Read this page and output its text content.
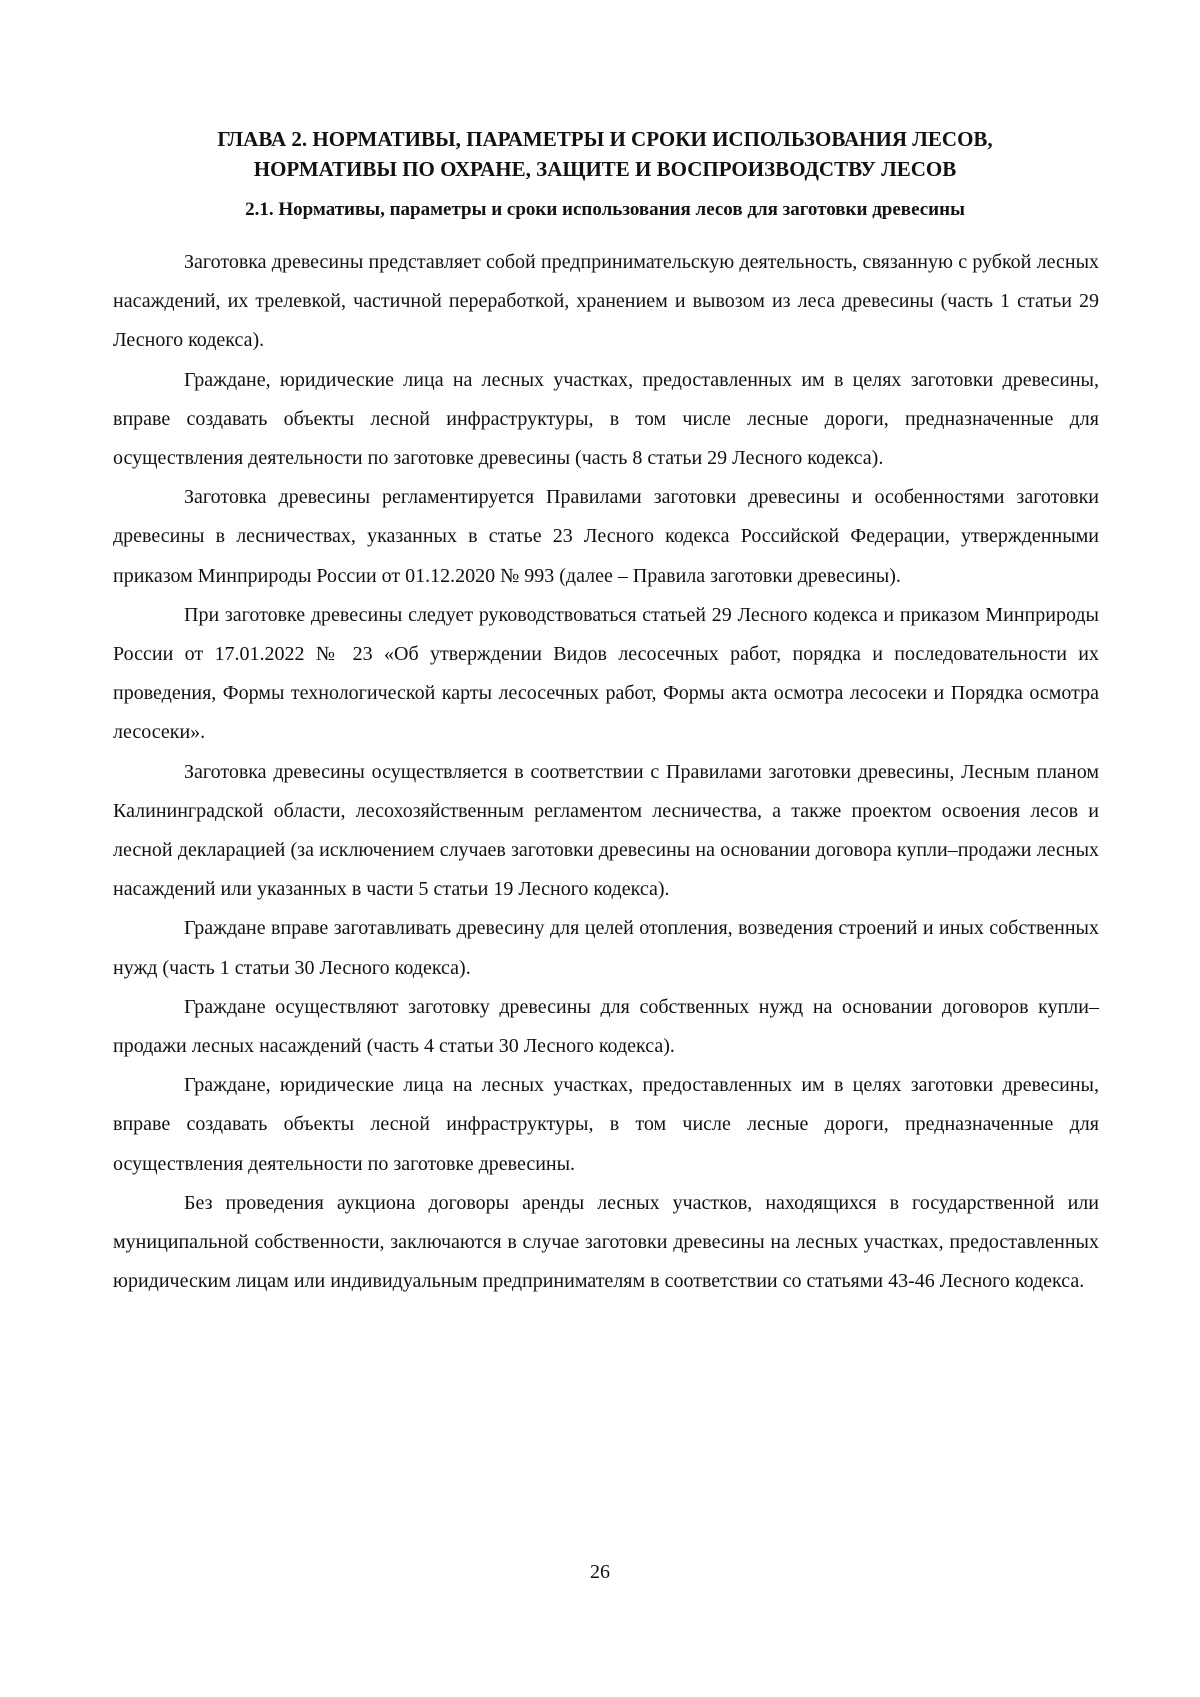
ГЛАВА 2. НОРМАТИВЫ, ПАРАМЕТРЫ И СРОКИ ИСПОЛЬЗОВАНИЯ ЛЕСОВ,
НОРМАТИВЫ ПО ОХРАНЕ, ЗАЩИТЕ И ВОСПРОИЗВОДСТВУ ЛЕСОВ
2.1. Нормативы, параметры и сроки использования лесов для заготовки древесины

Заготовка древесины представляет собой предпринимательскую деятельность, связанную с рубкой лесных насаждений, их трелевкой, частичной переработкой, хранением и вывозом из леса древесины (часть 1 статьи 29 Лесного кодекса).

Граждане, юридические лица на лесных участках, предоставленных им в целях заготовки древесины, вправе создавать объекты лесной инфраструктуры, в том числе лесные дороги, предназначенные для осуществления деятельности по заготовке древесины (часть 8 статьи 29 Лесного кодекса).

Заготовка древесины регламентируется Правилами заготовки древесины и особенностями заготовки древесины в лесничествах, указанных в статье 23 Лесного кодекса Российской Федерации, утвержденными приказом Минприроды России от 01.12.2020 № 993 (далее – Правила заготовки древесины).

При заготовке древесины следует руководствоваться статьей 29 Лесного кодекса и приказом Минприроды России от 17.01.2022 № 23 «Об утверждении Видов лесосечных работ, порядка и последовательности их проведения, Формы технологической карты лесосечных работ, Формы акта осмотра лесосеки и Порядка осмотра лесосеки».

Заготовка древесины осуществляется в соответствии с Правилами заготовки древесины, Лесным планом Калининградской области, лесохозяйственным регламентом лесничества, а также проектом освоения лесов и лесной декларацией (за исключением случаев заготовки древесины на основании договора купли–продажи лесных насаждений или указанных в части 5 статьи 19 Лесного кодекса).

Граждане вправе заготавливать древесину для целей отопления, возведения строений и иных собственных нужд (часть 1 статьи 30 Лесного кодекса).

Граждане осуществляют заготовку древесины для собственных нужд на основании договоров купли–продажи лесных насаждений (часть 4 статьи 30 Лесного кодекса).

Граждане, юридические лица на лесных участках, предоставленных им в целях заготовки древесины, вправе создавать объекты лесной инфраструктуры, в том числе лесные дороги, предназначенные для осуществления деятельности по заготовке древесины.

Без проведения аукциона договоры аренды лесных участков, находящихся в государственной или муниципальной собственности, заключаются в случае заготовки древесины на лесных участках, предоставленных юридическим лицам или индивидуальным предпринимателям в соответствии со статьями 43-46 Лесного кодекса.

26
